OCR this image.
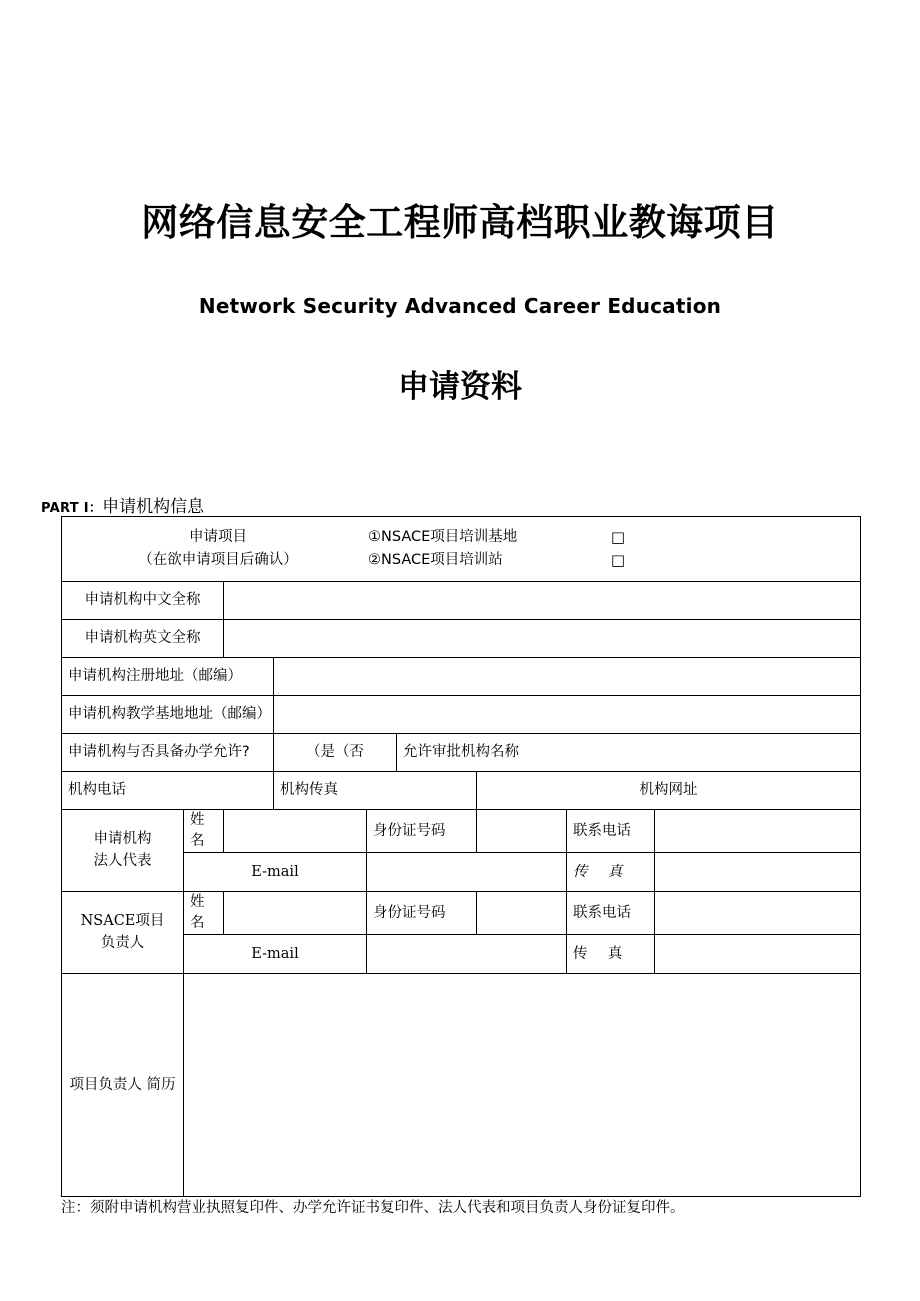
网络信息安全工程师高档职业教诲项目
Network Security Advanced Career Education
申请资料
PART I：申请机构信息
申请项目	①NSACE项目培训基地	□
（在欲申请项目后确认）	②NSACE项目培训站	□

申请机构中文全称								
申请机构英文全称								
申请机构注册地址（邮编）								
申请机构教学基地地址（邮编）								
申请机构与否具备办学允许?			（是（否		允许审批机构名称			
机构电话			机构传真			机构网址		

申请机构
法人代表	姓名			身份证号码			联系电话	
	E-mail						传　真	

NSACE项目
负责人	姓名			身份证号码			联系电话	
	E-mail						传　真	
项目负责人 简历								
注：须附申请机构营业执照复印件、办学允许证书复印件、法人代表和项目负责人身份证复印件。
